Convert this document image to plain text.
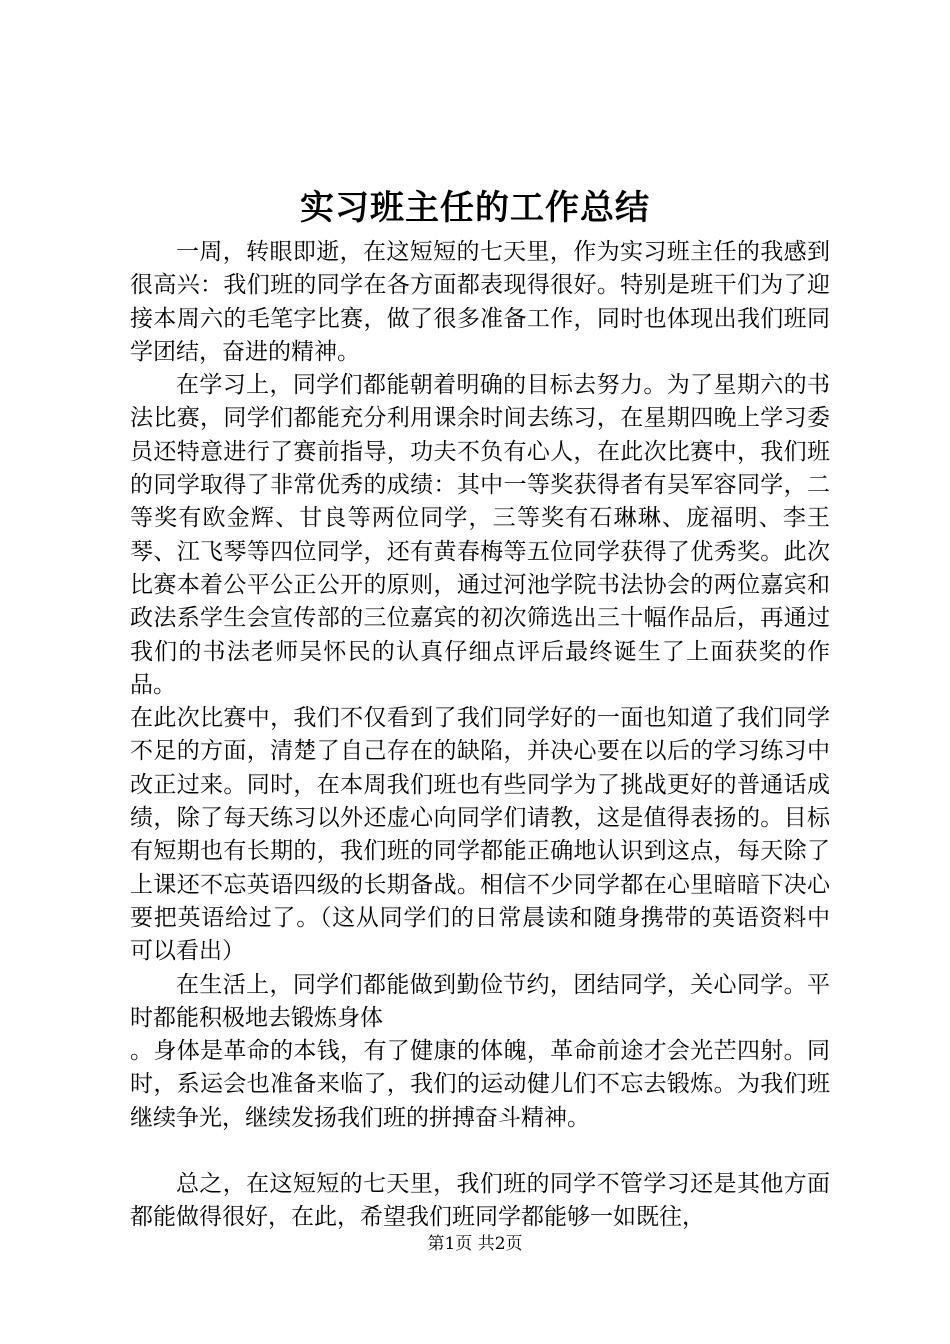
实习班主任的工作总结

一周，转眼即逝，在这短短的七天里，作为实习班主任的我感到很高兴：我们班的同学在各方面都表现得很好。特别是班干们为了迎接本周六的毛笔字比赛，做了很多准备工作，同时也体现出我们班同学团结，奋进的精神。

在学习上，同学们都能朝着明确的目标去努力。为了星期六的书法比赛，同学们都能充分利用课余时间去练习，在星期四晚上学习委员还特意进行了赛前指导，功夫不负有心人，在此次比赛中，我们班的同学取得了非常优秀的成绩：其中一等奖获得者有吴军容同学，二等奖有欧金辉、甘良等两位同学，三等奖有石琳琳、庞福明、李王琴、江飞琴等四位同学，还有黄春梅等五位同学获得了优秀奖。此次比赛本着公平公正公开的原则，通过河池学院书法协会的两位嘉宾和政法系学生会宣传部的三位嘉宾的初次筛选出三十幅作品后，再通过我们的书法老师吴怀民的认真仔细点评后最终诞生了上面获奖的作品。

在此次比赛中，我们不仅看到了我们同学好的一面也知道了我们同学不足的方面，清楚了自己存在的缺陷，并决心要在以后的学习练习中改正过来。同时，在本周我们班也有些同学为了挑战更好的普通话成绩，除了每天练习以外还虚心向同学们请教，这是值得表扬的。目标有短期也有长期的，我们班的同学都能正确地认识到这点，每天除了上课还不忘英语四级的长期备战。相信不少同学都在心里暗暗下决心要把英语给过了。（这从同学们的日常晨读和随身携带的英语资料中可以看出）

在生活上，同学们都能做到勤俭节约，团结同学，关心同学。平时都能积极地去锻炼身体

。身体是革命的本钱，有了健康的体魄，革命前途才会光芒四射。同时，系运会也准备来临了，我们的运动健儿们不忘去锻炼。为我们班继续争光，继续发扬我们班的拼搏奋斗精神。

总之，在这短短的七天里，我们班的同学不管学习还是其他方面都能做得很好，在此，希望我们班同学都能够一如既往，

第1页 共2页
